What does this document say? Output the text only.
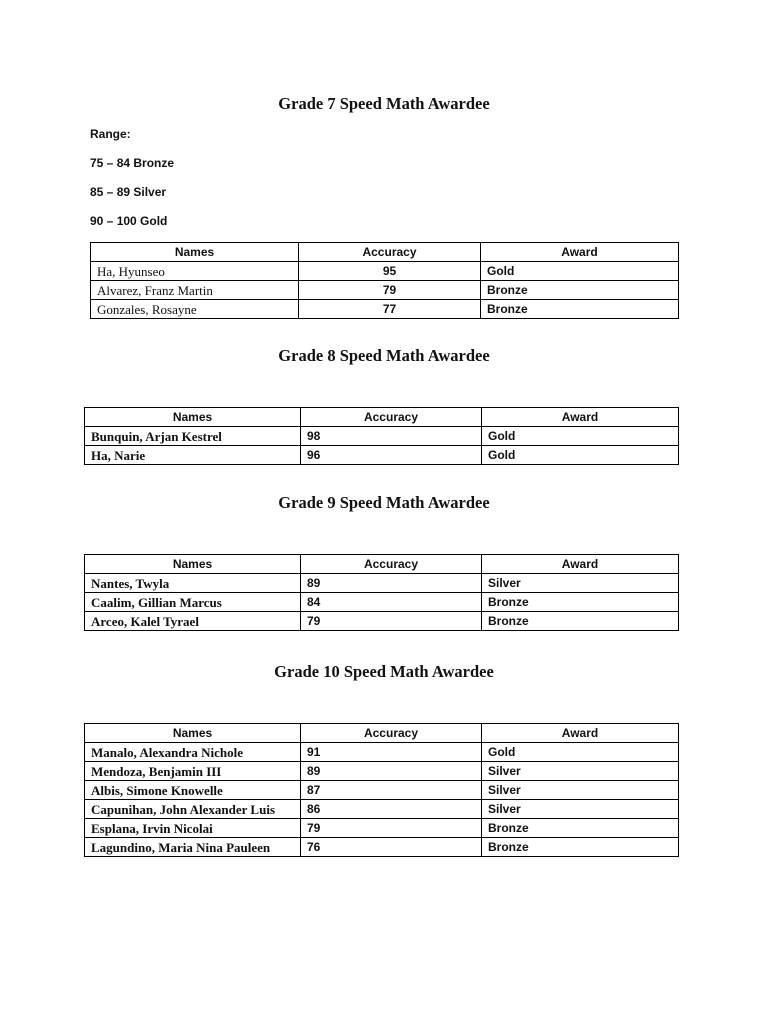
Grade 7 Speed Math Awardee

Range:

75 – 84 Bronze

85 – 89 Silver

90 – 100 Gold

Names	Accuracy	Award
Ha, Hyunseo	95	Gold
Alvarez, Franz Martin	79	Bronze
Gonzales, Rosayne	77	Bronze
Grade 8 Speed Math Awardee
Names	Accuracy	Award
Bunquin, Arjan Kestrel	98	Gold
Ha, Narie	96	Gold
Grade 9 Speed Math Awardee
Names	Accuracy	Award
Nantes, Twyla	89	Silver
Caalim, Gillian Marcus	84	Bronze
Arceo, Kalel Tyrael	79	Bronze
Grade 10 Speed Math Awardee
Names	Accuracy	Award
Manalo, Alexandra Nichole	91	Gold
Mendoza, Benjamin III	89	Silver
Albis, Simone Knowelle	87	Silver
Capunihan, John Alexander Luis	86	Silver
Esplana, Irvin Nicolai	79	Bronze
Lagundino, Maria Nina Pauleen	76	Bronze
